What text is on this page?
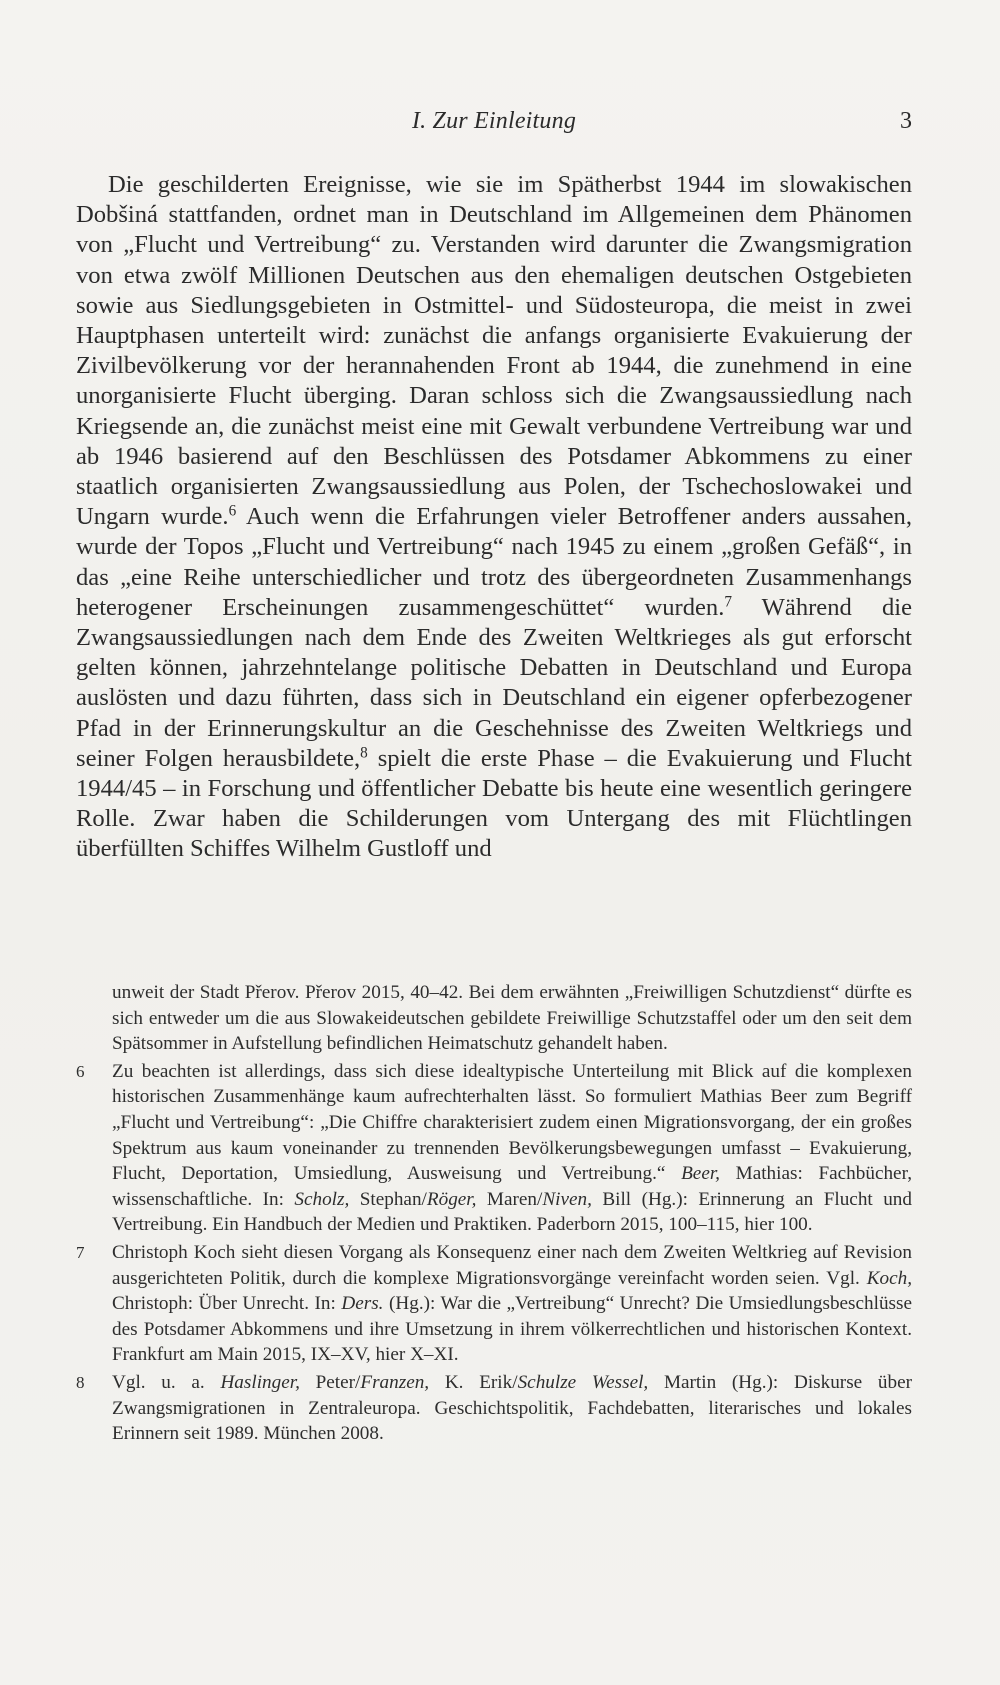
I. Zur Einleitung	3

Die geschilderten Ereignisse, wie sie im Spätherbst 1944 im slowakischen Dobšiná stattfanden, ordnet man in Deutschland im Allgemeinen dem Phänomen von „Flucht und Vertreibung“ zu. Verstanden wird darunter die Zwangsmigration von etwa zwölf Millionen Deutschen aus den ehemaligen deutschen Ostgebieten sowie aus Siedlungsgebieten in Ostmittel- und Südosteuropa, die meist in zwei Hauptphasen unterteilt wird: zunächst die anfangs organisierte Evakuierung der Zivilbevölkerung vor der herannahenden Front ab 1944, die zunehmend in eine unorganisierte Flucht überging. Daran schloss sich die Zwangsaussiedlung nach Kriegsende an, die zunächst meist eine mit Gewalt verbundene Vertreibung war und ab 1946 basierend auf den Beschlüssen des Potsdamer Abkommens zu einer staatlich organisierten Zwangsaussiedlung aus Polen, der Tschechoslowakei und Ungarn wurde.$^6$ Auch wenn die Erfahrungen vieler Betroffener anders aussahen, wurde der Topos „Flucht und Vertreibung“ nach 1945 zu einem „großen Gefäß“, in das „eine Reihe unterschiedlicher und trotz des übergeordneten Zusammenhangs heterogener Erscheinungen zusammengeschüttet“ wurden.$^7$ Während die Zwangsaussiedlungen nach dem Ende des Zweiten Weltkrieges als gut erforscht gelten können, jahrzehntelange politische Debatten in Deutschland und Europa auslösten und dazu führten, dass sich in Deutschland ein eigener opferbezogener Pfad in der Erinnerungskultur an die Geschehnisse des Zweiten Weltkriegs und seiner Folgen herausbildete,$^8$ spielt die erste Phase – die Evakuierung und Flucht 1944/45 – in Forschung und öffentlicher Debatte bis heute eine wesentlich geringere Rolle. Zwar haben die Schilderungen vom Untergang des mit Flüchtlingen überfüllten Schiffes Wilhelm Gustloff und

unweit der Stadt Přerov. Přerov 2015, 40–42. Bei dem erwähnten „Freiwilligen Schutzdienst“ dürfte es sich entweder um die aus Slowakeideutschen gebildete Freiwillige Schutzstaffel oder um den seit dem Spätsommer in Aufstellung befindlichen Heimatschutz gehandelt haben.

6	Zu beachten ist allerdings, dass sich diese idealtypische Unterteilung mit Blick auf die komplexen historischen Zusammenhänge kaum aufrechterhalten lässt. So formuliert Mathias Beer zum Begriff „Flucht und Vertreibung“: „Die Chiffre charakterisiert zudem einen Migrationsvorgang, der ein großes Spektrum aus kaum voneinander zu trennenden Bevölkerungsbewegungen umfasst – Evakuierung, Flucht, Deportation, Umsiedlung, Ausweisung und Vertreibung.“ Beer, Mathias: Fachbücher, wissenschaftliche. In: Scholz, Stephan/Röger, Maren/Niven, Bill (Hg.): Erinnerung an Flucht und Vertreibung. Ein Handbuch der Medien und Praktiken. Paderborn 2015, 100–115, hier 100.

7	Christoph Koch sieht diesen Vorgang als Konsequenz einer nach dem Zweiten Weltkrieg auf Revision ausgerichteten Politik, durch die komplexe Migrationsvorgänge vereinfacht worden seien. Vgl. Koch, Christoph: Über Unrecht. In: Ders. (Hg.): War die „Vertreibung“ Unrecht? Die Umsiedlungsbeschlüsse des Potsdamer Abkommens und ihre Umsetzung in ihrem völkerrechtlichen und historischen Kontext. Frankfurt am Main 2015, IX–XV, hier X–XI.

8	Vgl. u. a. Haslinger, Peter/Franzen, K. Erik/Schulze Wessel, Martin (Hg.): Diskurse über Zwangsmigrationen in Zentraleuropa. Geschichtspolitik, Fachdebatten, literarisches und lokales Erinnern seit 1989. München 2008.
